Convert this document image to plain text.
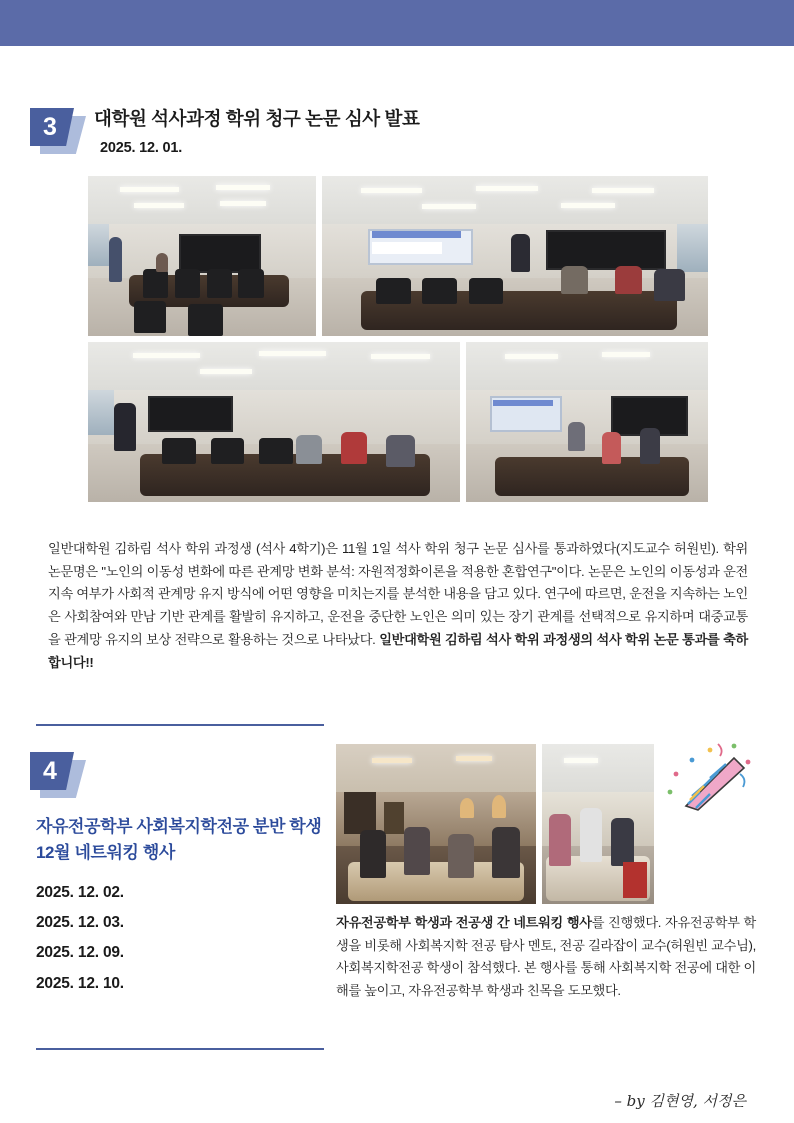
3	대학원 석사과정 학위 청구 논문 심사 발표
2025. 12. 01.
일반대학원 김하림 석사 학위 과정생 (석사 4학기)은 11월 1일 석사 학위 청구 논문 심사를 통과하였다(지도교수 허원빈). 학위 논문명은 "노인의 이동성 변화에 따른 관계망 변화 분석: 자원적정화이론을 적용한 혼합연구"이다. 논문은 노인의 이동성과 운전 지속 여부가 사회적 관계망 유지 방식에 어떤 영향을 미치는지를 분석한 내용을 담고 있다. 연구에 따르면, 운전을 지속하는 노인은 사회참여와 만남 기반 관계를 활발히 유지하고, 운전을 중단한 노인은 의미 있는 장기 관계를 선택적으로 유지하며 대중교통을 관계망 유지의 보상 전략으로 활용하는 것으로 나타났다. 일반대학원 김하림 석사 학위 과정생의 석사 학위 논문 통과를 축하합니다!!
4
자유전공학부 사회복지학전공 분반 학생 12월 네트워킹 행사
2025. 12. 02.
2025. 12. 03.
2025. 12. 09.
2025. 12. 10.
자유전공학부 학생과 전공생 간 네트워킹 행사를 진행했다. 자유전공학부 학생을 비롯해 사회복지학 전공 탐사 멘토, 전공 길라잡이 교수(허원빈 교수님), 사회복지학전공 학생이 참석했다. 본 행사를 통해 사회복지학 전공에 대한 이해를 높이고, 자유전공학부 학생과 친목을 도모했다.
– by 김현영, 서정은
